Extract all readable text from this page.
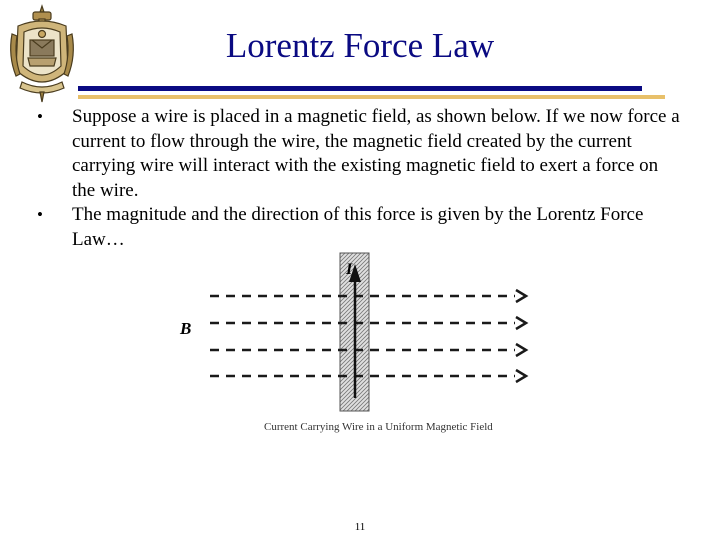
Lorentz Force Law
•	Suppose a wire is placed in a magnetic field, as shown below. If we now force a current to flow through the wire, the magnetic field created by the current carrying wire will interact with the existing magnetic field to exert a force on the wire.
•	The magnitude and the direction of this force is given by the Lorentz Force Law…
I
B
Current Carrying Wire in a Uniform Magnetic Field
11
